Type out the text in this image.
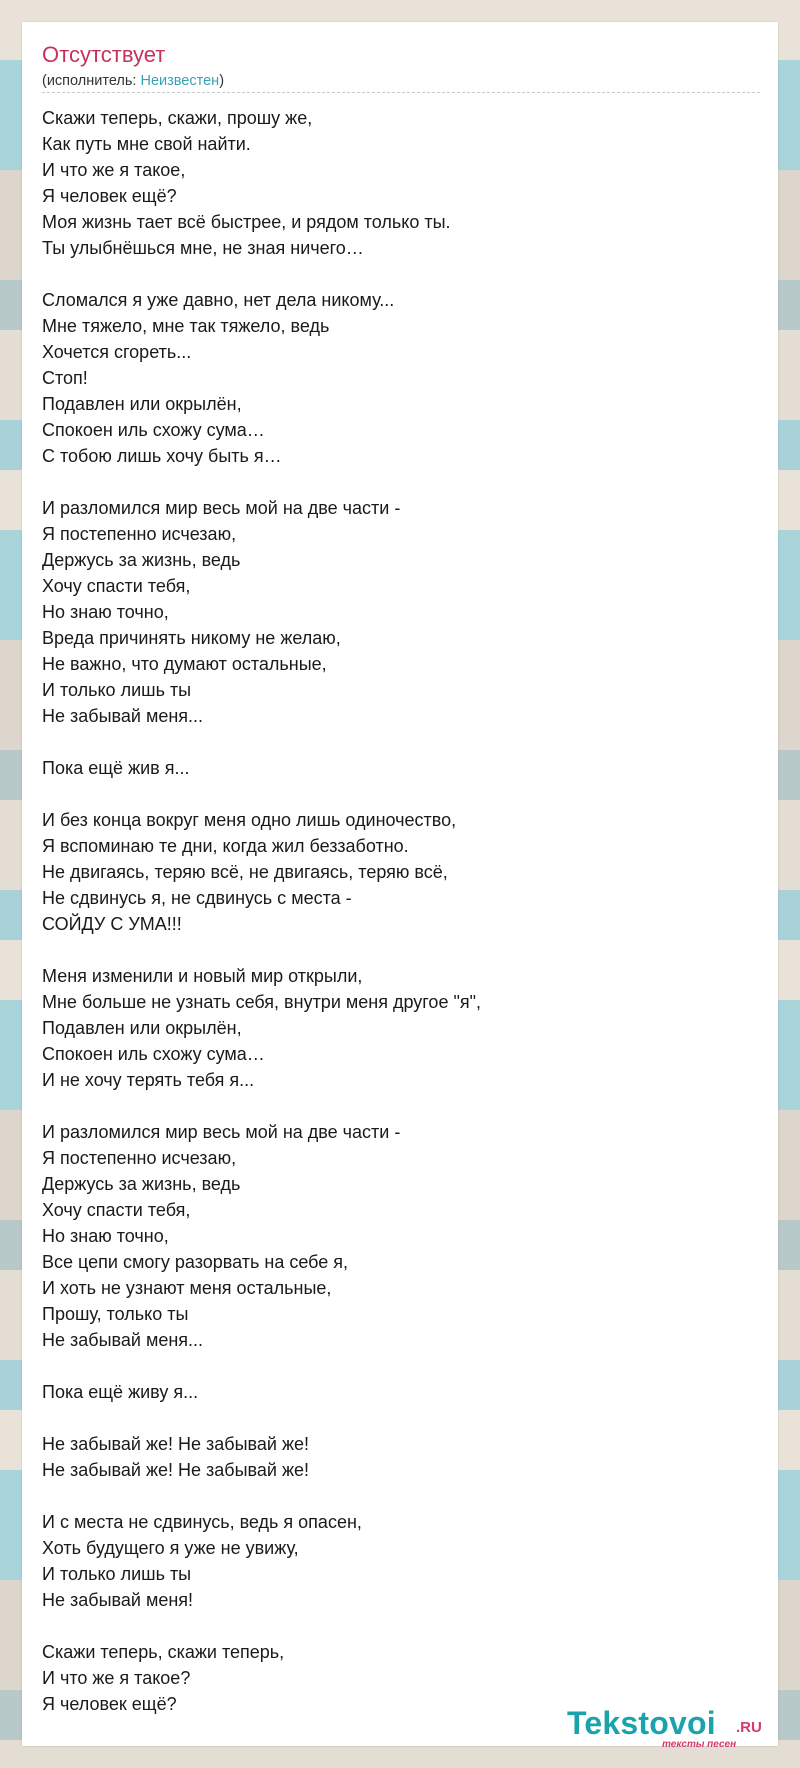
Отсутствует
(исполнитель: Неизвестен)
Скажи теперь, скажи, прошу же,
Как путь мне свой найти.
И что же я такое,
Я человек ещё?
Моя жизнь тает всё быстрее, и рядом только ты.
Ты улыбнёшься мне, не зная ничего…
Сломался я уже давно, нет дела никому...
Мне тяжело, мне так тяжело, ведь
Хочется сгореть...
Стоп!
Подавлен или окрылён,
Спокоен иль схожу сума…
С тобою лишь хочу быть я…
И разломился мир весь мой на две части -
Я постепенно исчезаю,
Держусь за жизнь, ведь
Хочу спасти тебя,
Но знаю точно,
Вреда причинять никому не желаю,
Не важно, что думают остальные,
И только лишь ты
Не забывай меня...
Пока ещё жив я...
И без конца вокруг меня одно лишь одиночество,
Я вспоминаю те дни, когда жил беззаботно.
Не двигаясь, теряю всё, не двигаясь, теряю всё,
Не сдвинусь я, не сдвинусь с места -
СОЙДУ С УМА!!!
Меня изменили и новый мир открыли,
Мне больше не узнать себя, внутри меня другое "я",
Подавлен или окрылён,
Спокоен иль схожу сума…
И не хочу терять тебя я...
И разломился мир весь мой на две части -
Я постепенно исчезаю,
Держусь за жизнь, ведь
Хочу спасти тебя,
Но знаю точно,
Все цепи смогу разорвать на себе я,
И хоть не узнают меня остальные,
Прошу, только ты
Не забывай меня...
Пока ещё живу я...
Не забывай же! Не забывай же!
Не забывай же! Не забывай же!
И с места не сдвинусь, ведь я опасен,
Хоть будущего я уже не увижу,
И только лишь ты
Не забывай меня!
Скажи теперь, скажи теперь,
И что же я такое?
Я человек ещё?
Tekstovoi .RU
тексты песен
